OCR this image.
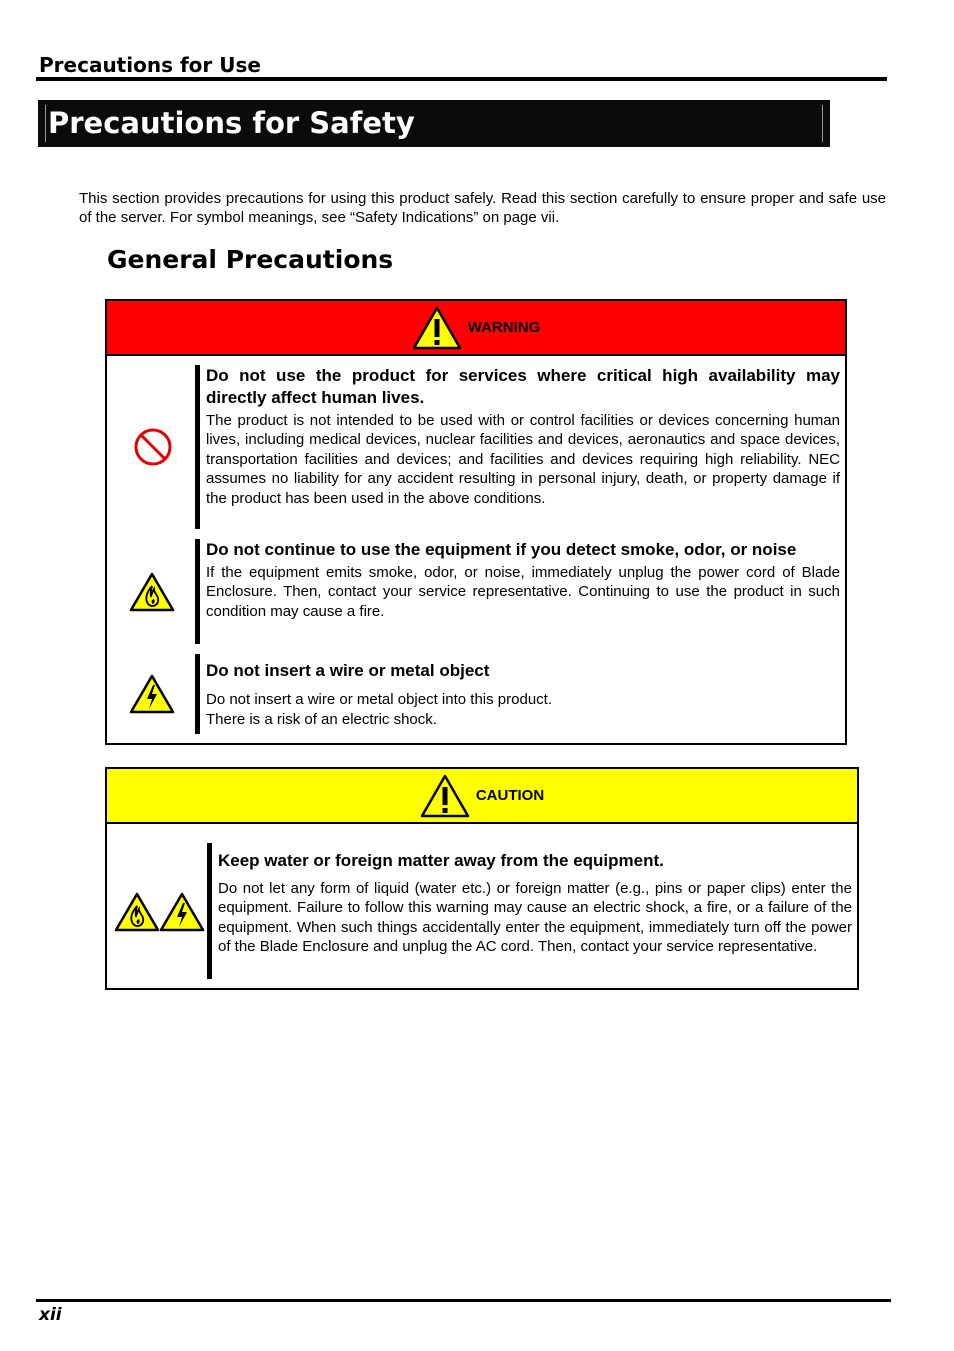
Precautions for Use
Precautions for Safety
This section provides precautions for using this product safely. Read this section carefully to ensure proper and safe use of the server. For symbol meanings, see “Safety Indications” on page vii.
General Precautions
WARNING
Do not use the product for services where critical high availability may directly affect human lives.
The product is not intended to be used with or control facilities or devices concerning human lives, including medical devices, nuclear facilities and devices, aeronautics and space devices, transportation facilities and devices; and facilities and devices requiring high reliability. NEC assumes no liability for any accident resulting in personal injury, death, or property damage if the product has been used in the above conditions.
Do not continue to use the equipment if you detect smoke, odor, or noise
If the equipment emits smoke, odor, or noise, immediately unplug the power cord of Blade Enclosure. Then, contact your service representative. Continuing to use the product in such condition may cause a fire.
Do not insert a wire or metal object
Do not insert a wire or metal object into this product.
There is a risk of an electric shock.
CAUTION
Keep water or foreign matter away from the equipment.
Do not let any form of liquid (water etc.) or foreign matter (e.g., pins or paper clips) enter the equipment. Failure to follow this warning may cause an electric shock, a fire, or a failure of the equipment. When such things accidentally enter the equipment, immediately turn off the power of the Blade Enclosure and unplug the AC cord. Then, contact your service representative.
xii
